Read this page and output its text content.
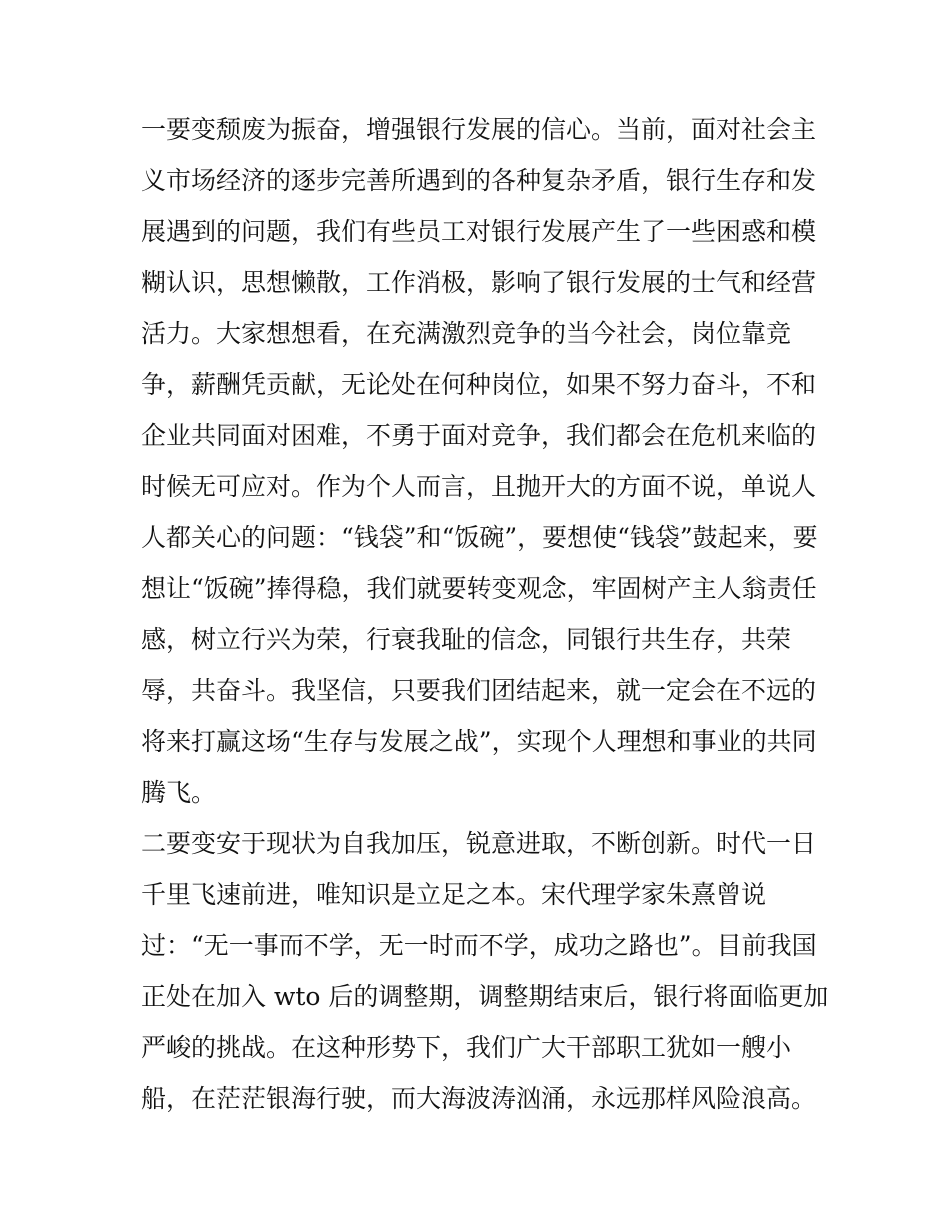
一要变颓废为振奋，增强银行发展的信心。当前，面对社会主
义市场经济的逐步完善所遇到的各种复杂矛盾，银行生存和发
展遇到的问题，我们有些员工对银行发展产生了一些困惑和模
糊认识，思想懒散，工作消极，影响了银行发展的士气和经营
活力。大家想想看，在充满激烈竞争的当今社会，岗位靠竞
争，薪酬凭贡献，无论处在何种岗位，如果不努力奋斗，不和
企业共同面对困难，不勇于面对竞争，我们都会在危机来临的
时候无可应对。作为个人而言，且抛开大的方面不说，单说人
人都关心的问题：“钱袋”和“饭碗”，要想使“钱袋”鼓起来，要
想让“饭碗”捧得稳，我们就要转变观念，牢固树产主人翁责任
感，树立行兴为荣，行衰我耻的信念，同银行共生存，共荣
辱，共奋斗。我坚信，只要我们团结起来，就一定会在不远的
将来打赢这场“生存与发展之战”，实现个人理想和事业的共同
腾飞。
二要变安于现状为自我加压，锐意进取，不断创新。时代一日
千里飞速前进，唯知识是立足之本。宋代理学家朱熹曾说
过：“无一事而不学，无一时而不学，成功之路也”。目前我国
正处在加入 wto 后的调整期，调整期结束后，银行将面临更加
严峻的挑战。在这种形势下，我们广大干部职工犹如一艘小
船，在茫茫银海行驶，而大海波涛汹涌，永远那样风险浪高。
